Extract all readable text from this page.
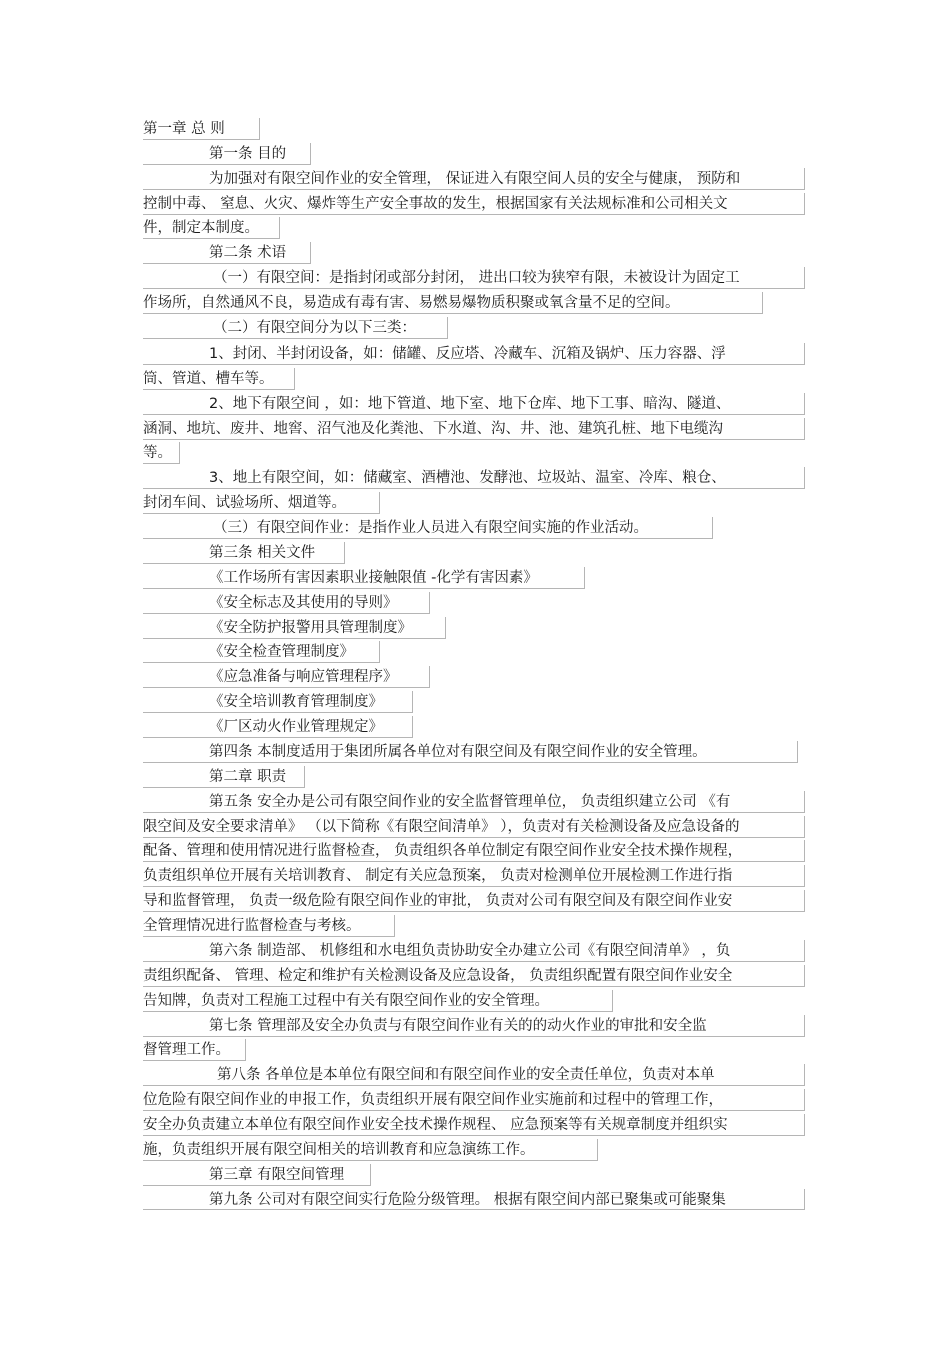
第一章 总 则
第一条 目的
为加强对有限空间作业的安全管理， 保证进入有限空间人员的安全与健康， 预防和
控制中毒、 窒息、火灾、爆炸等生产安全事故的发生，根据国家有关法规标准和公司相关文
件，制定本制度。
第二条 术语
（一）有限空间：是指封闭或部分封闭， 进出口较为狭窄有限，未被设计为固定工
作场所，自然通风不良，易造成有毒有害、易燃易爆物质积聚或氧含量不足的空间。
（二）有限空间分为以下三类：
1、封闭、半封闭设备，如：储罐、反应塔、冷藏车、沉箱及锅炉、压力容器、浮
筒、管道、槽车等。
2、地下有限空间 ，如：地下管道、地下室、地下仓库、地下工事、暗沟、隧道、
涵洞、地坑、废井、地窖、沼气池及化粪池、下水道、沟、井、池、建筑孔桩、地下电缆沟
等。
3、地上有限空间，如：储藏室、酒槽池、发酵池、垃圾站、温室、冷库、粮仓、
封闭车间、试验场所、烟道等。
（三）有限空间作业：是指作业人员进入有限空间实施的作业活动。
第三条 相关文件
《工作场所有害因素职业接触限值 -化学有害因素》
《安全标志及其使用的导则》
《安全防护报警用具管理制度》
《安全检查管理制度》
《应急准备与响应管理程序》
《安全培训教育管理制度》
《厂区动火作业管理规定》
第四条 本制度适用于集团所属各单位对有限空间及有限空间作业的安全管理。
第二章 职责
第五条 安全办是公司有限空间作业的安全监督管理单位， 负责组织建立公司 《有
限空间及安全要求清单》 （以下简称《有限空间清单》 ），负责对有关检测设备及应急设备的
配备、管理和使用情况进行监督检查， 负责组织各单位制定有限空间作业安全技术操作规程，
负责组织单位开展有关培训教育、 制定有关应急预案， 负责对检测单位开展检测工作进行指
导和监督管理， 负责一级危险有限空间作业的审批， 负责对公司有限空间及有限空间作业安
全管理情况进行监督检查与考核。
第六条 制造部、 机修组和水电组负责协助安全办建立公司《有限空间清单》 ，负
责组织配备、 管理、检定和维护有关检测设备及应急设备， 负责组织配置有限空间作业安全
告知牌，负责对工程施工过程中有关有限空间作业的安全管理。
第七条 管理部及安全办负责与有限空间作业有关的的动火作业的审批和安全监
督管理工作。
第八条 各单位是本单位有限空间和有限空间作业的安全责任单位，负责对本单
位危险有限空间作业的申报工作，负责组织开展有限空间作业实施前和过程中的管理工作，
安全办负责建立本单位有限空间作业安全技术操作规程、 应急预案等有关规章制度并组织实
施，负责组织开展有限空间相关的培训教育和应急演练工作。
第三章 有限空间管理
第九条 公司对有限空间实行危险分级管理。 根据有限空间内部已聚集或可能聚集
